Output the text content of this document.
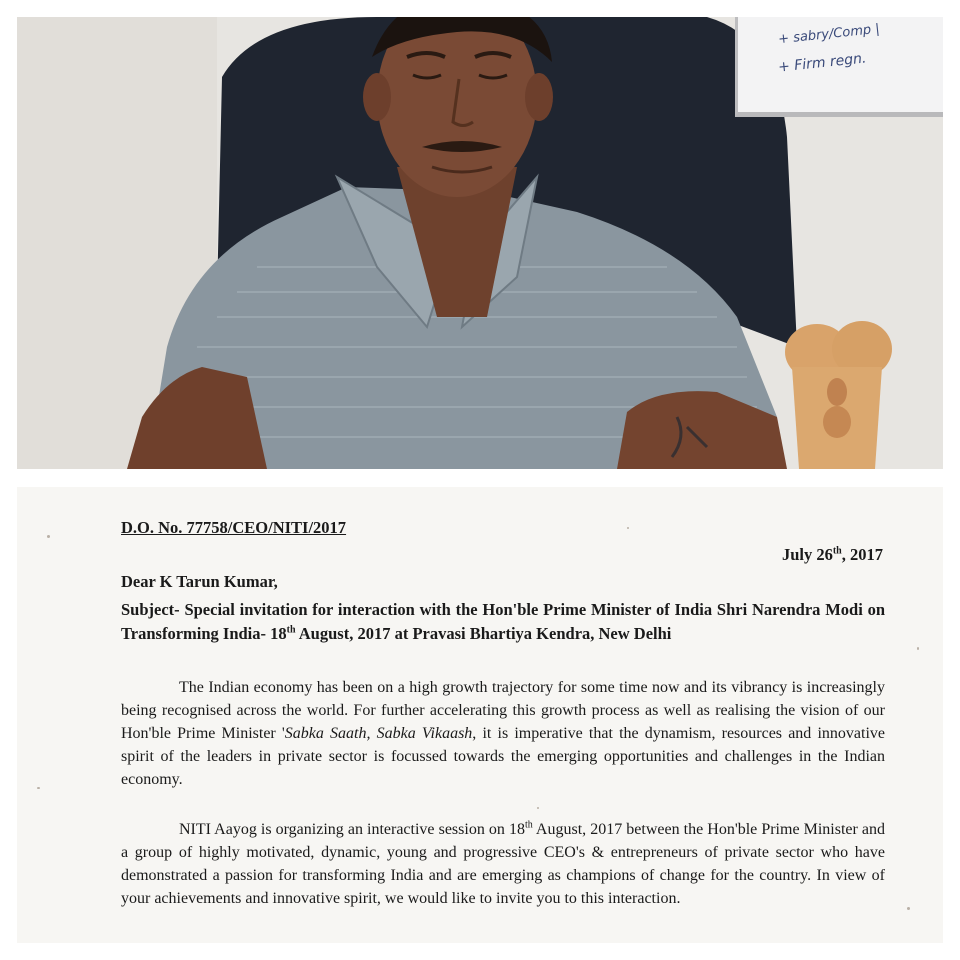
+ sabry/Comp |
+ Firm regn.
D.O. No. 77758/CEO/NITI/2017
July 26th, 2017
Dear K Tarun Kumar,
Subject- Special invitation for interaction with the Hon'ble Prime Minister of India Shri Narendra Modi on Transforming India- 18th August, 2017 at Pravasi Bhartiya Kendra, New Delhi
The Indian economy has been on a high growth trajectory for some time now and its vibrancy is increasingly being recognised across the world. For further accelerating this growth process as well as realising the vision of our Hon'ble Prime Minister 'Sabka Saath, Sabka Vikaash, it is imperative that the dynamism, resources and innovative spirit of the leaders in private sector is focussed towards the emerging opportunities and challenges in the Indian economy.
NITI Aayog is organizing an interactive session on 18th August, 2017 between the Hon'ble Prime Minister and a group of highly motivated, dynamic, young and progressive CEO's & entrepreneurs of private sector who have demonstrated a passion for transforming India and are emerging as champions of change for the country. In view of your achievements and innovative spirit, we would like to invite you to this interaction.
